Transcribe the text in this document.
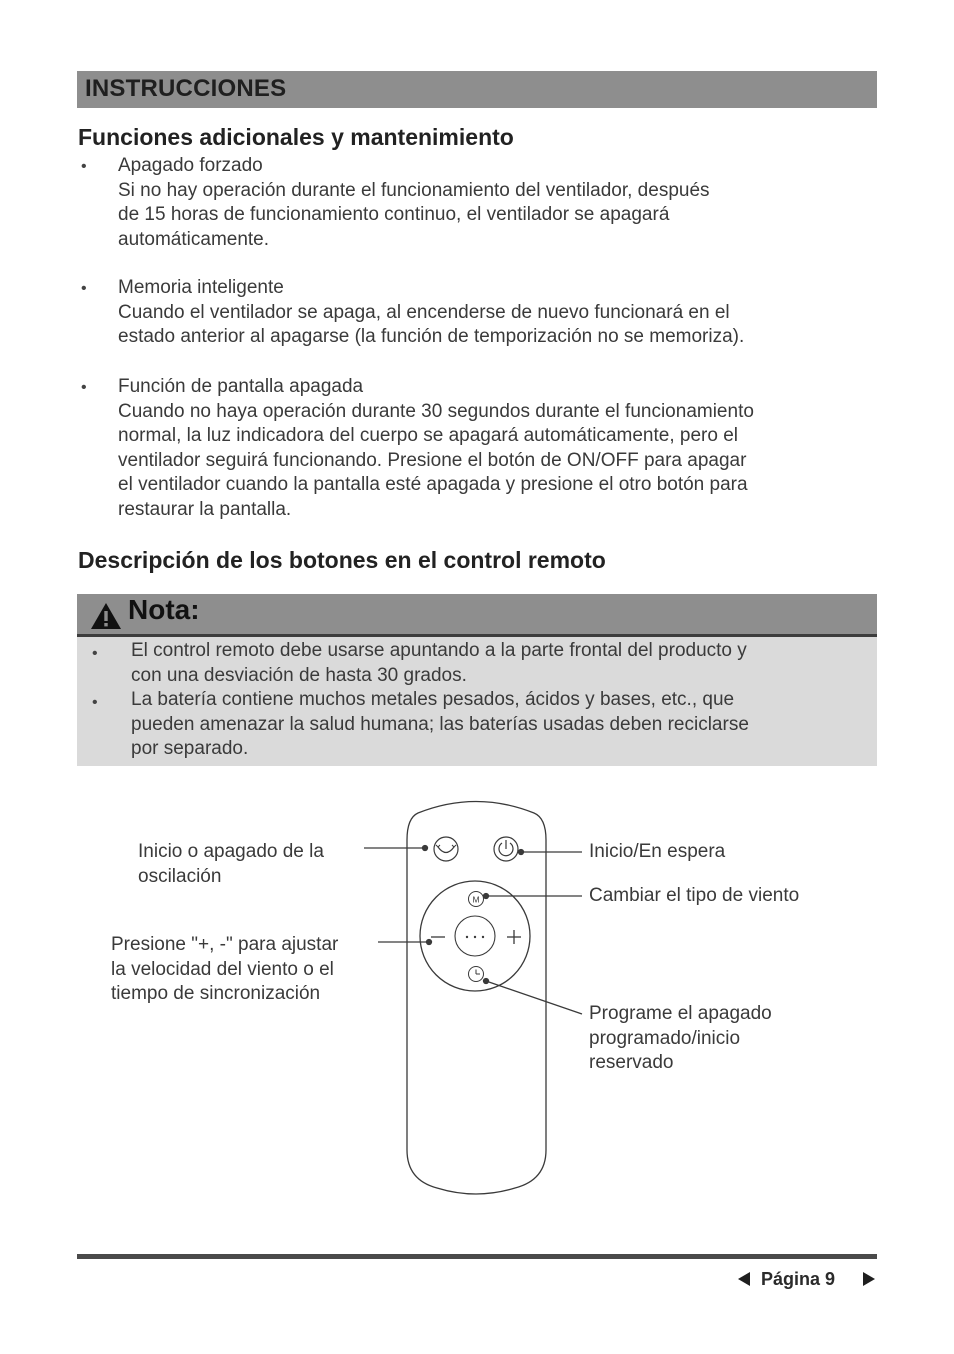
INSTRUCCIONES
Funciones adicionales y mantenimiento
• Apagado forzado
Si no hay operación durante el funcionamiento del ventilador, después
de 15 horas de funcionamiento continuo, el ventilador se apagará
automáticamente.
• Memoria inteligente
Cuando el ventilador se apaga, al encenderse de nuevo funcionará en el
estado anterior al apagarse (la función de temporización no se memoriza).
• Función de pantalla apagada
Cuando no haya operación durante 30 segundos durante el funcionamiento
normal, la luz indicadora del cuerpo se apagará automáticamente, pero el
ventilador seguirá funcionando. Presione el botón de ON/OFF para apagar
el ventilador cuando la pantalla esté apagada y presione el otro botón para
restaurar la pantalla.
Descripción de los botones en el control remoto
Nota:
• El control remoto debe usarse apuntando a la parte frontal del producto y
con una desviación de hasta 30 grados.
• La batería contiene muchos metales pesados, ácidos y bases, etc., que
pueden amenazar la salud humana; las baterías usadas deben reciclarse
por separado.
M
Inicio o apagado de la
oscilación
Inicio/En espera
Cambiar el tipo de viento
Presione "+, -" para ajustar
la velocidad del viento o el
tiempo de sincronización
Programe el apagado
programado/inicio
reservado
Página 9
